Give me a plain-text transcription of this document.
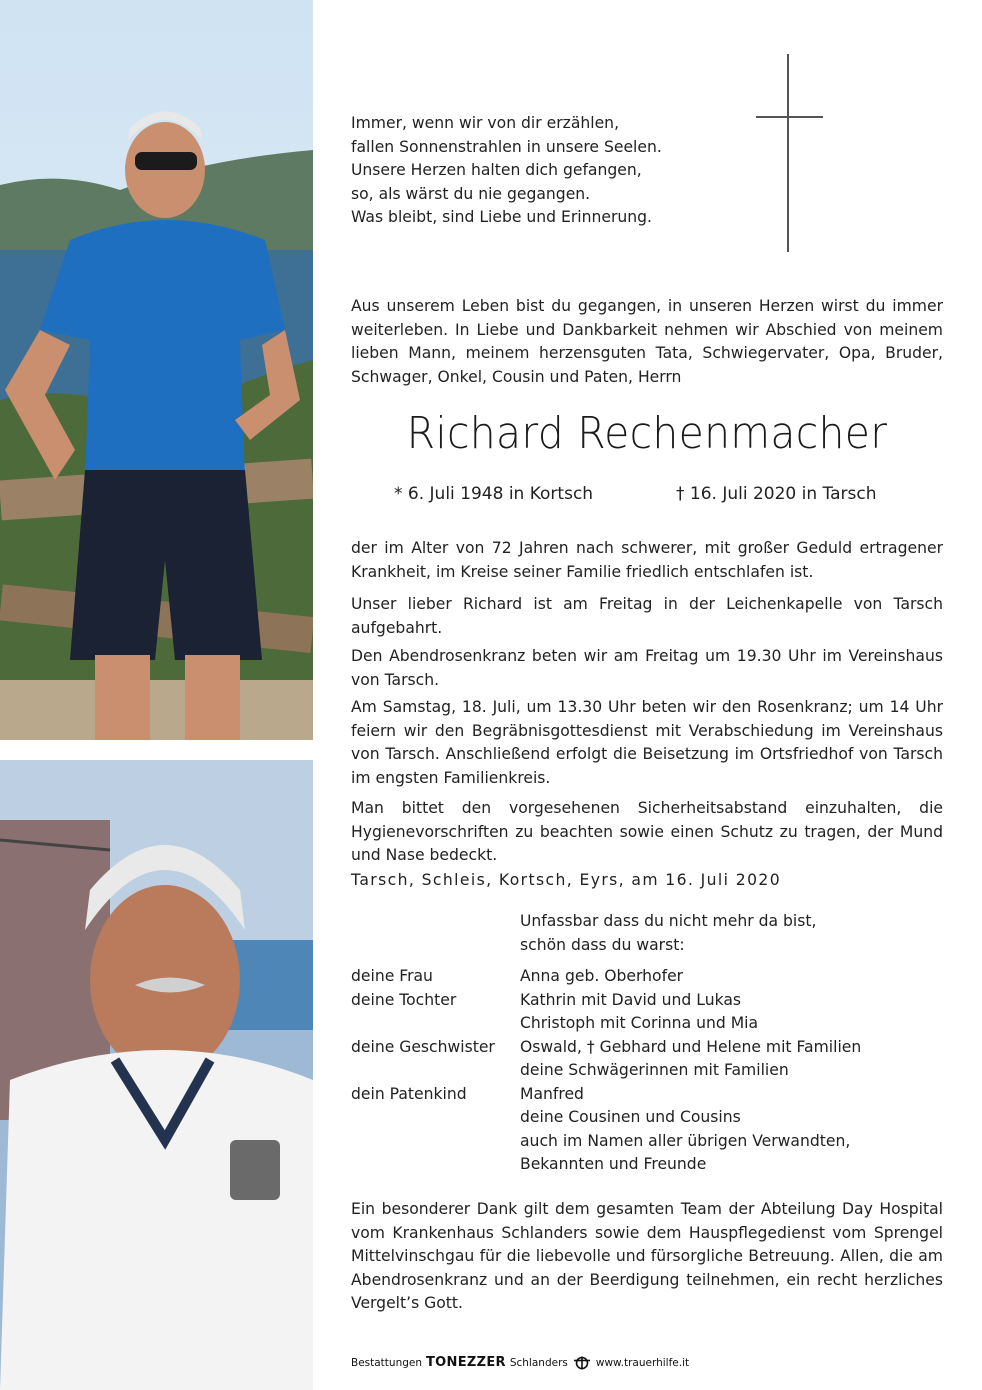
Immer, wenn wir von dir erzählen,
fallen Sonnenstrahlen in unsere Seelen.
Unsere Herzen halten dich gefangen,
so, als wärst du nie gegangen.
Was bleibt, sind Liebe und Erinnerung.
Aus unserem Leben bist du gegangen, in unseren Herzen wirst du immer weiterleben. In Liebe und Dankbarkeit nehmen wir Abschied von meinem lieben Mann, meinem herzensguten Tata, Schwiegervater, Opa, Bruder, Schwager, Onkel, Cousin und Paten, Herrn
Richard Rechenmacher
* 6. Juli 1948 in Kortsch	† 16. Juli 2020 in Tarsch
der im Alter von 72 Jahren nach schwerer, mit großer Geduld ertragener Krankheit, im Kreise seiner Familie friedlich entschlafen ist.
Unser lieber Richard ist am Freitag in der Leichenkapelle von Tarsch aufgebahrt.
Den Abendrosenkranz beten wir am Freitag um 19.30 Uhr im Vereinshaus von Tarsch.
Am Samstag, 18. Juli, um 13.30 Uhr beten wir den Rosenkranz; um 14 Uhr feiern wir den Begräbnisgottesdienst mit Verabschiedung im Vereinshaus von Tarsch. Anschließend erfolgt die Beisetzung im Ortsfriedhof von Tarsch im engsten Familienkreis.
Man bittet den vorgesehenen Sicherheitsabstand einzuhalten, die Hygienevorschriften zu beachten sowie einen Schutz zu tragen, der Mund und Nase bedeckt.
Tarsch, Schleis, Kortsch, Eyrs, am 16. Juli 2020
Unfassbar dass du nicht mehr da bist,
schön dass du warst:
deine Frau	Anna geb. Oberhofer
deine Tochter	Kathrin mit David und Lukas
Christoph mit Corinna und Mia
deine Geschwister	Oswald, † Gebhard und Helene mit Familien
deine Schwägerinnen mit Familien
dein Patenkind	Manfred
deine Cousinen und Cousins
auch im Namen aller übrigen Verwandten,
Bekannten und Freunde
Ein besonderer Dank gilt dem gesamten Team der Abteilung Day Hospital vom Krankenhaus Schlanders sowie dem Hauspflegedienst vom Sprengel Mittelvinschgau für die liebevolle und fürsorgliche Betreuung. Allen, die am Abendrosenkranz und an der Beerdigung teilnehmen, ein recht herzliches Vergelt’s Gott.
Bestattungen TONEZZER Schlanders	www.trauerhilfe.it
